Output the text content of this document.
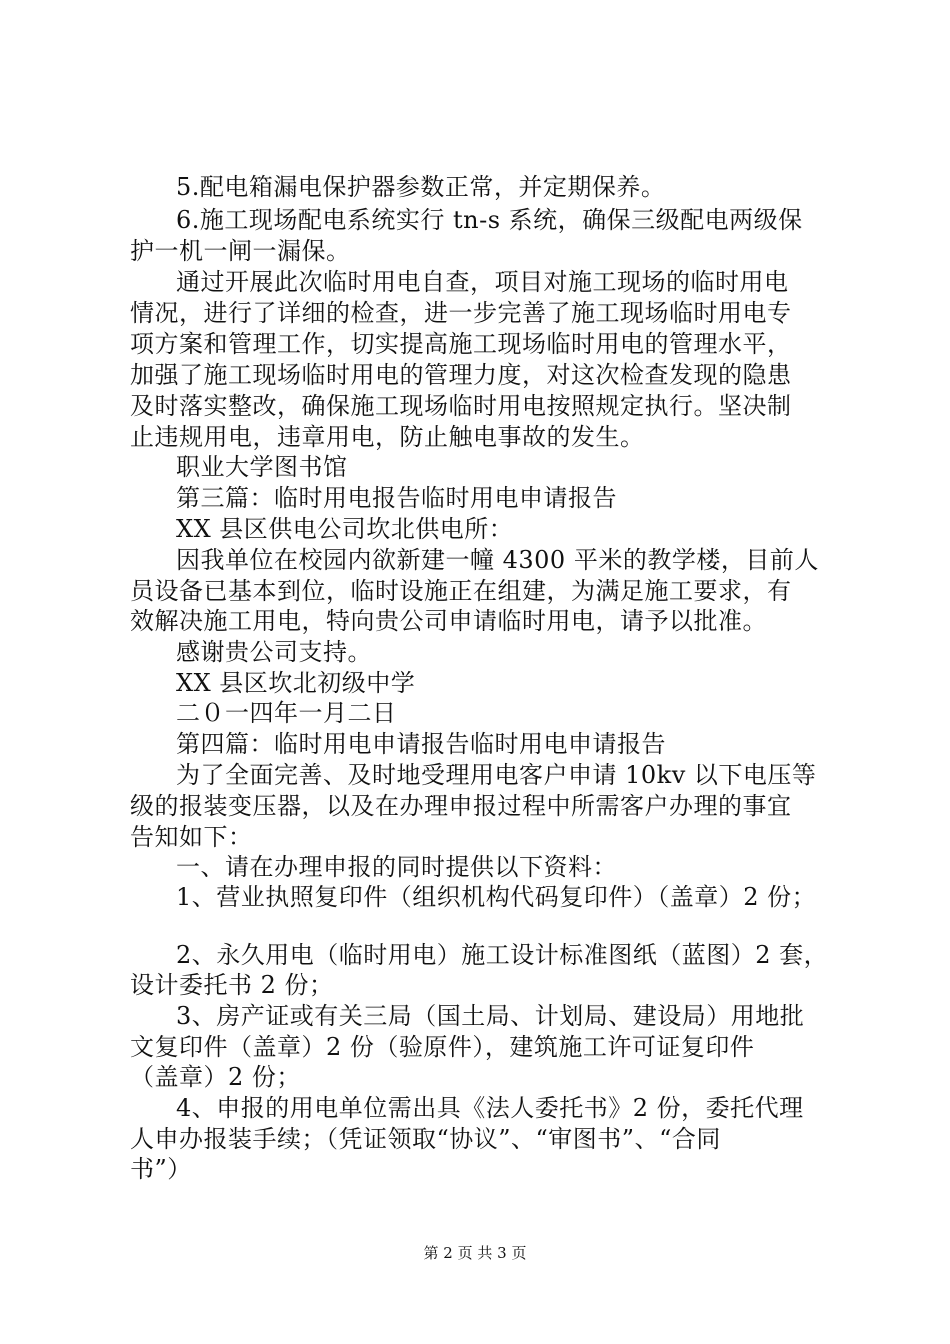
5.配电箱漏电保护器参数正常，并定期保养。
6.施工现场配电系统实行 tn-s 系统，确保三级配电两级保
护一机一闸一漏保。
通过开展此次临时用电自查，项目对施工现场的临时用电
情况，进行了详细的检查，进一步完善了施工现场临时用电专
项方案和管理工作，切实提高施工现场临时用电的管理水平，
加强了施工现场临时用电的管理力度，对这次检查发现的隐患
及时落实整改，确保施工现场临时用电按照规定执行。坚决制
止违规用电，违章用电，防止触电事故的发生。
职业大学图书馆
第三篇：临时用电报告临时用电申请报告
XX 县区供电公司坎北供电所：
因我单位在校园内欲新建一幢 4300 平米的教学楼，目前人
员设备已基本到位，临时设施正在组建，为满足施工要求，有
效解决施工用电，特向贵公司申请临时用电，请予以批准。
感谢贵公司支持。
XX 县区坎北初级中学
二０一四年一月二日
第四篇：临时用电申请报告临时用电申请报告
为了全面完善、及时地受理用电客户申请 10kv 以下电压等
级的报装变压器，以及在办理申报过程中所需客户办理的事宜
告知如下：
一、请在办理申报的同时提供以下资料：
1、营业执照复印件（组织机构代码复印件）（盖章）2 份；
2、永久用电（临时用电）施工设计标准图纸（蓝图）2 套，
设计委托书 2 份；
3、房产证或有关三局（国土局、计划局、建设局）用地批
文复印件（盖章）2 份（验原件），建筑施工许可证复印件
（盖章）2 份；
4、申报的用电单位需出具《法人委托书》2 份，委托代理
人申办报装手续；（凭证领取“协议”、“审图书”、“合同
书”）
第 2 页 共 3 页
